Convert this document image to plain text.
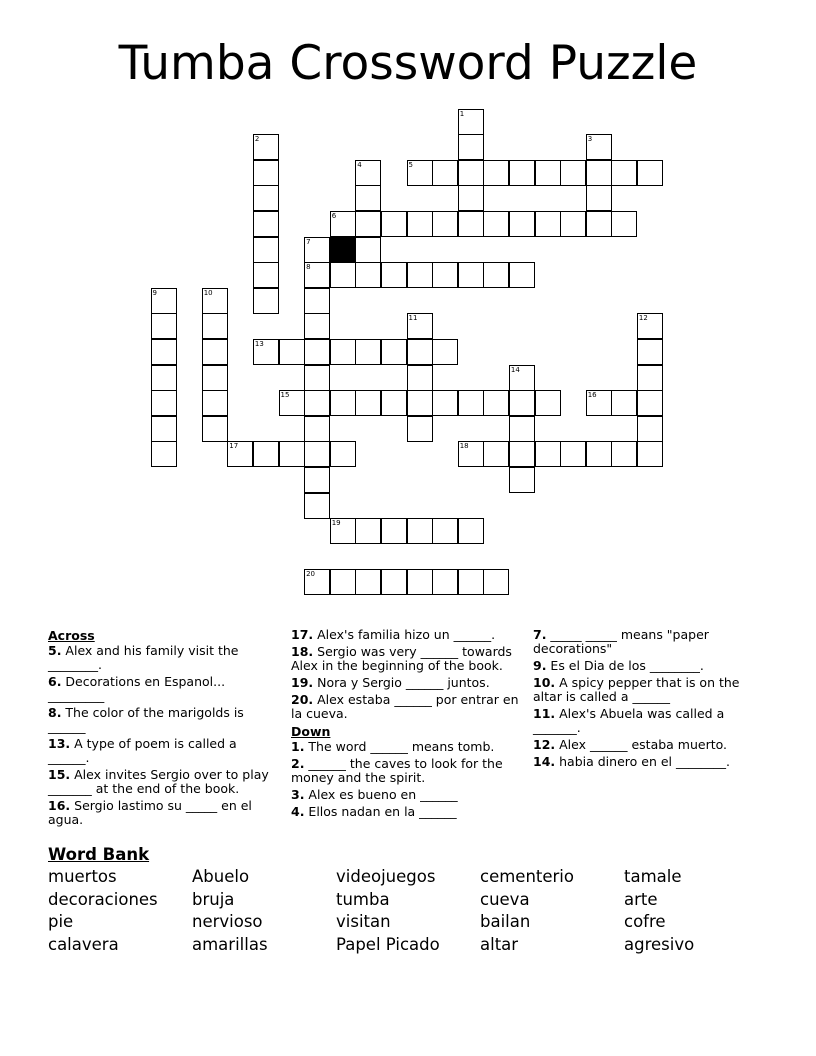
Tumba Crossword Puzzle
1
2	3
4
9	10
7
8
11	12
14
5
6
13
15	16
17	18
19
20
Across
5. Alex and his family visit the ________.
6. Decorations en Espanol... _________
8. The color of the marigolds is ______
13. A type of poem is called a ______.
15. Alex invites Sergio over to play _______ at the end of the book.
16. Sergio lastimo su _____ en el agua.
17. Alex's familia hizo un ______.
18. Sergio was very ______ towards Alex in the beginning of the book.
19. Nora y Sergio ______ juntos.
20. Alex estaba ______ por entrar en la cueva.
Down
1. The word ______ means tomb.
2. ______ the caves to look for the money and the spirit.
3. Alex es bueno en ______
4. Ellos nadan en la ______
7. _____ _____ means "paper decorations"
9. Es el Dia de los ________.
10. A spicy pepper that is on the altar is called a ______
11. Alex's Abuela was called a _______.
12. Alex ______ estaba muerto.
14. habia dinero en el ________.
Word Bank
muertos	Abuelo	videojuegos	cementerio	tamale
decoraciones	bruja	tumba	cueva	arte
pie	nervioso	visitan	bailan	cofre
calavera	amarillas	Papel Picado	altar	agresivo
